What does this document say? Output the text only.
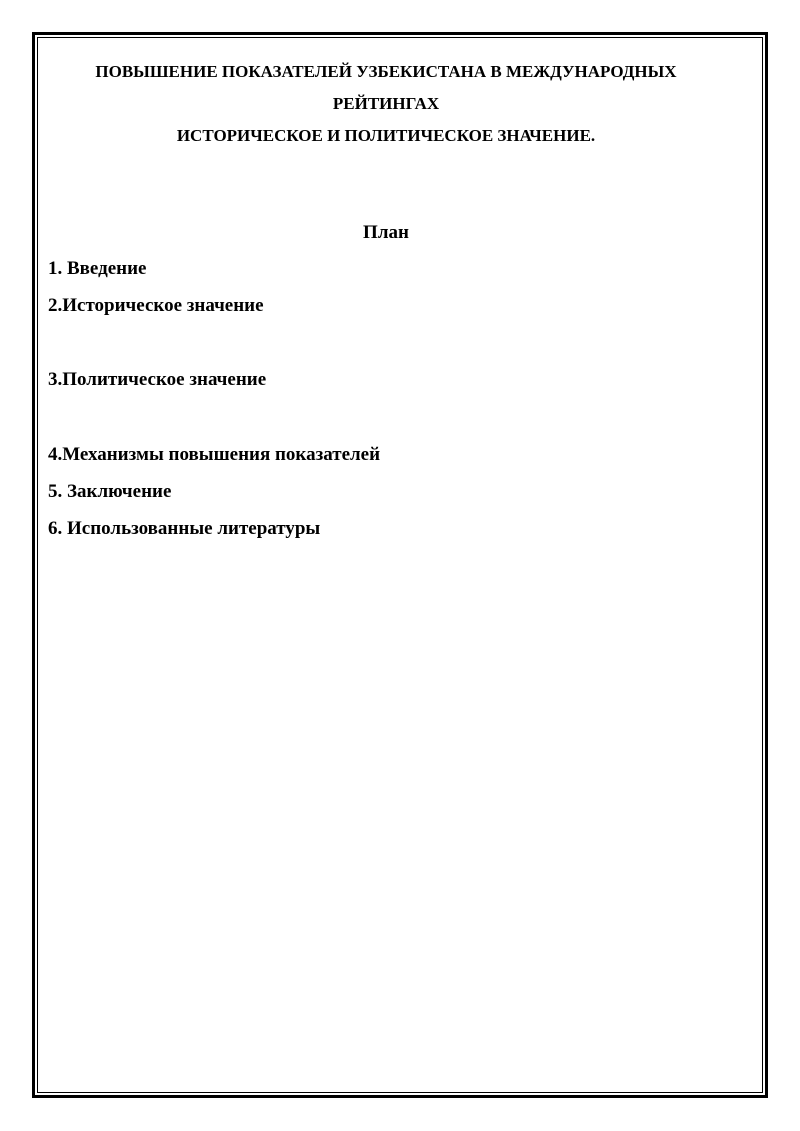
ПОВЫШЕНИЕ ПОКАЗАТЕЛЕЙ УЗБЕКИСТАНА В МЕЖДУНАРОДНЫХ
РЕЙТИНГАХ
ИСТОРИЧЕСКОЕ И ПОЛИТИЧЕСКОЕ ЗНАЧЕНИЕ.
План
1. Введение
2.Историческое значение
3.Политическое значение
4.Механизмы повышения показателей
5. Заключение
6. Использованные литературы
